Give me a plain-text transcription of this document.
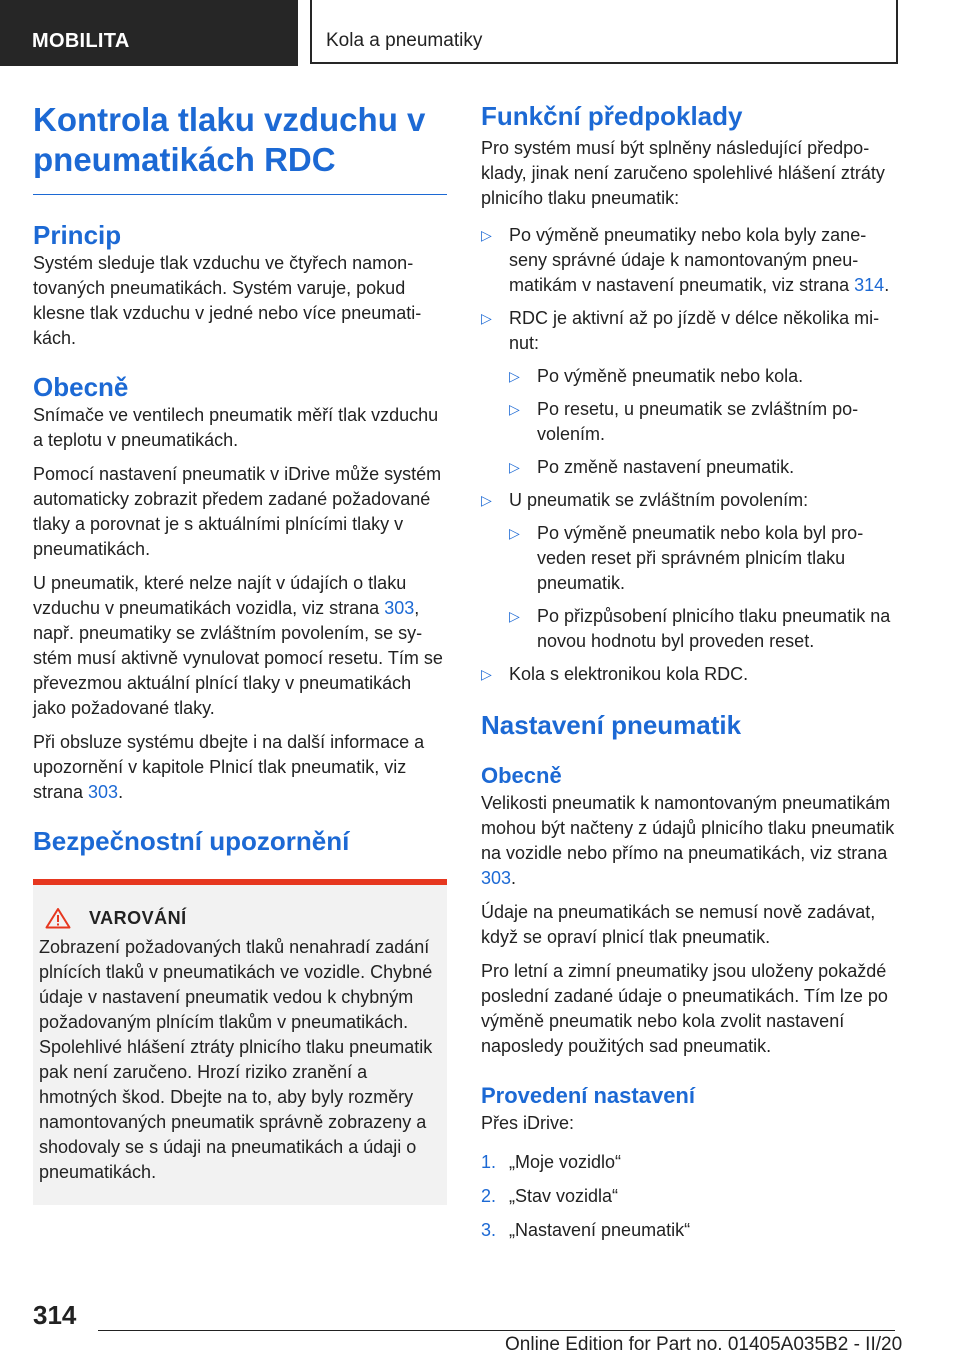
MOBILITA	Kola a pneumatiky
Kontrola tlaku vzduchu v pneumatikách RDC
Princip

Systém sleduje tlak vzduchu ve čtyřech namontovaných pneumatikách. Systém varuje, pokud klesne tlak vzduchu v jedné nebo více pneumatikách.

Obecně

Snímače ve ventilech pneumatik měří tlak vzduchu a teplotu v pneumatikách.

Pomocí nastavení pneumatik v iDrive může systém automaticky zobrazit předem zadané požadované tlaky a porovnat je s aktuálními plnícími tlaky v pneumatikách.

U pneumatik, které nelze najít v údajích o tlaku vzduchu v pneumatikách vozidla, viz strana 303, např. pneumatiky se zvláštním povolením, se systém musí aktivně vynulovat pomocí resetu. Tím se převezmou aktuální plnící tlaky v pneumatikách jako požadované tlaky.

Při obsluze systému dbejte i na další informace a upozornění v kapitole Plnicí tlak pneumatik, viz strana 303.

Bezpečnostní upozornění
VAROVÁNÍ

Zobrazení požadovaných tlaků nenahradí zadání plnících tlaků v pneumatikách ve vozidle. Chybné údaje v nastavení pneumatik vedou k chybným požadovaným plnícím tlakům v pneumatikách. Spolehlivé hlášení ztráty plnicího tlaku pneumatik pak není zaručeno. Hrozí riziko zranění a hmotných škod. Dbejte na to, aby byly rozměry namontovaných pneumatik správně zobrazeny a shodovaly se s údaji na pneumatikách a údaji o pneumatikách.

Funkční předpoklady

Pro systém musí být splněny následující předpoklady, jinak není zaručeno spolehlivé hlášení ztráty plnicího tlaku pneumatik:

▷ Po výměně pneumatiky nebo kola byly zaneseny správné údaje k namontovaným pneumatikám v nastavení pneumatik, viz strana 314.
▷ RDC je aktivní až po jízdě v délce několika minut:
▷ Po výměně pneumatik nebo kola.
▷ Po resetu, u pneumatik se zvláštním povolením.
▷ Po změně nastavení pneumatik.
▷ U pneumatik se zvláštním povolením:
▷ Po výměně pneumatik nebo kola byl proveden reset při správném plnicím tlaku pneumatik.
▷ Po přizpůsobení plnicího tlaku pneumatik na novou hodnotu byl proveden reset.
▷ Kola s elektronikou kola RDC.
Nastavení pneumatik
Obecně

Velikosti pneumatik k namontovaným pneumatikám mohou být načteny z údajů plnicího tlaku pneumatik na vozidle nebo přímo na pneumatikách, viz strana 303.

Údaje na pneumatikách se nemusí nově zadávat, když se opraví plnicí tlak pneumatik.

Pro letní a zimní pneumatiky jsou uloženy pokaždé poslední zadané údaje o pneumatikách. Tím lze po výměně pneumatik nebo kola zvolit nastavení naposledy použitých sad pneumatik.

Provedení nastavení

Přes iDrive:

1. „Moje vozidlo“
2. „Stav vozidla“
3. „Nastavení pneumatik“
314
Online Edition for Part no. 01405A035B2 - II/20
